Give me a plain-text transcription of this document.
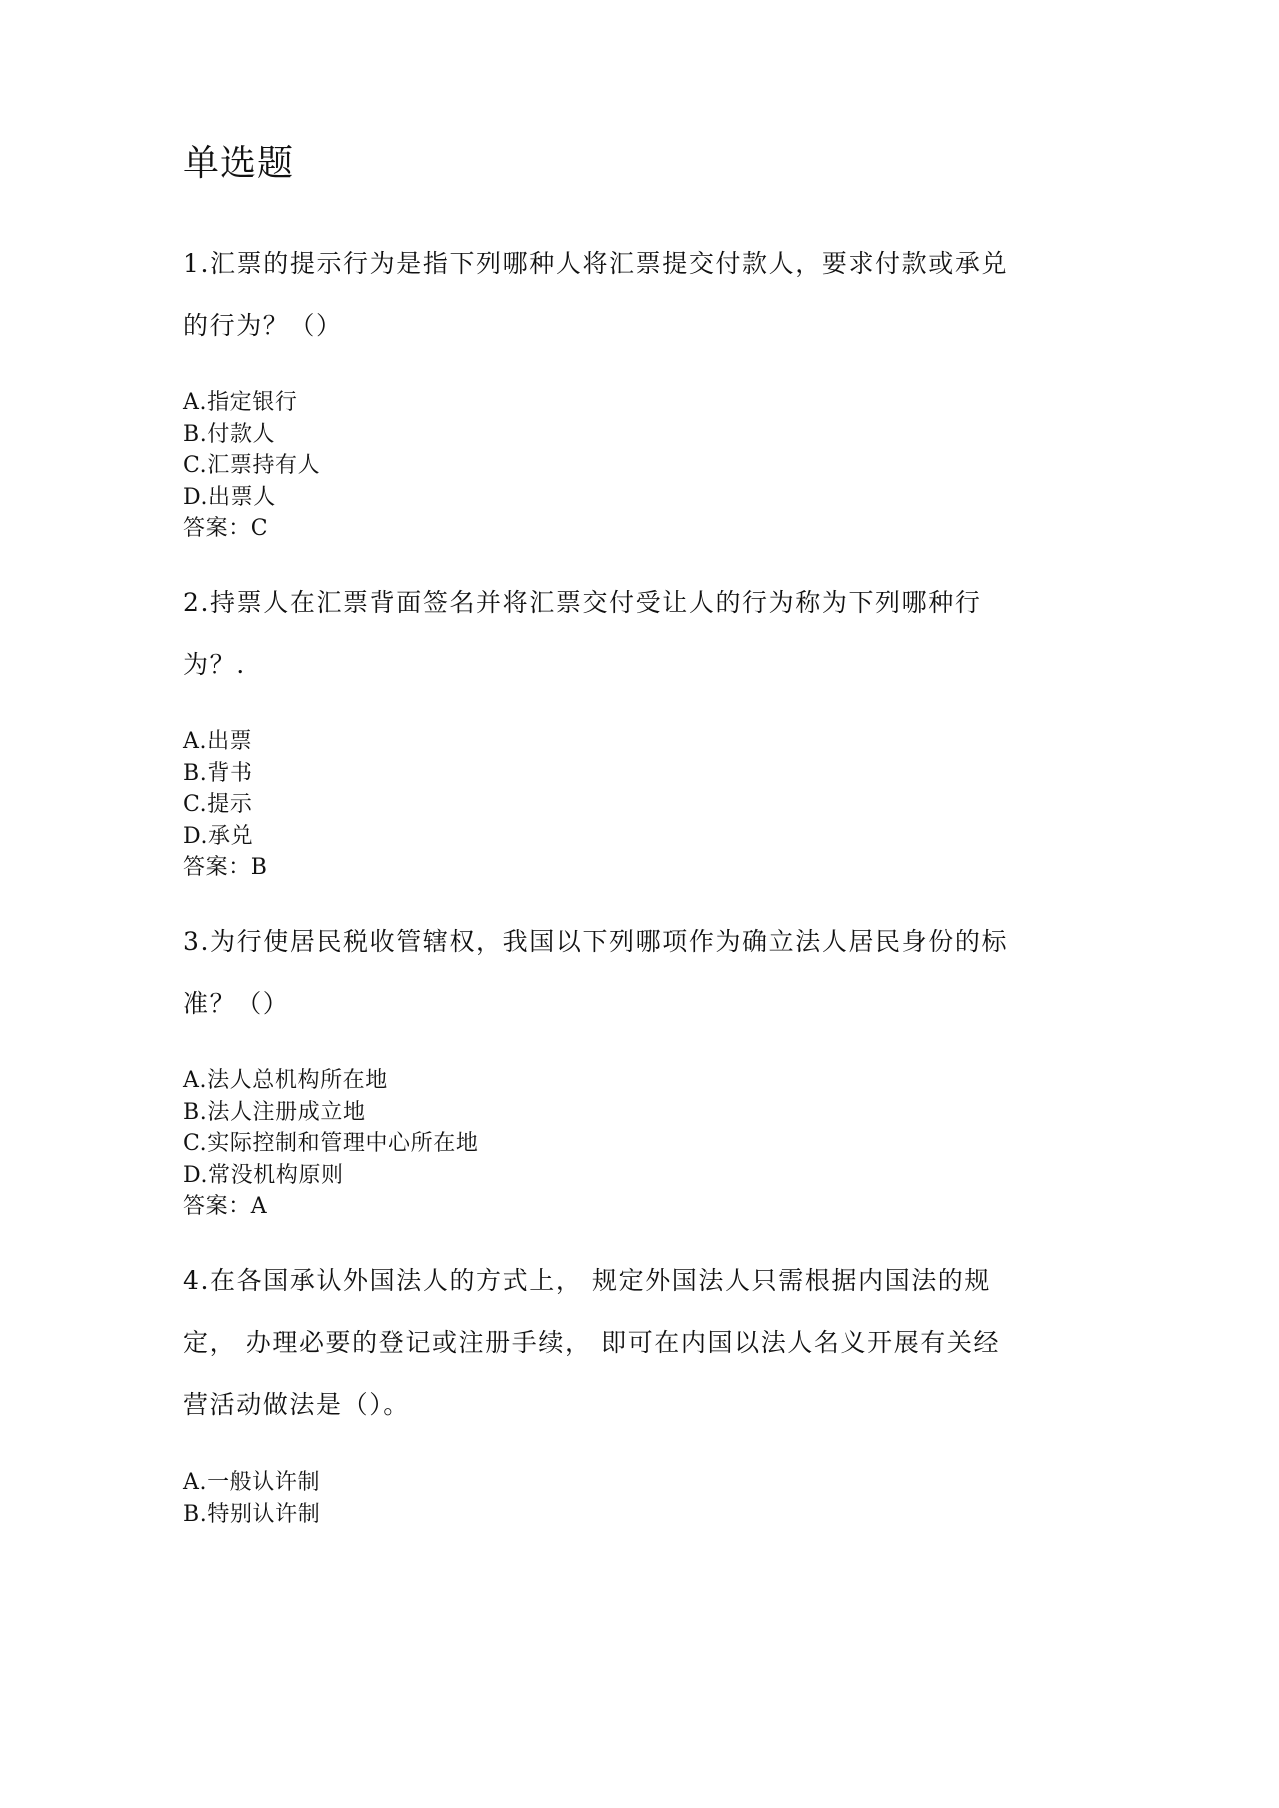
单选题
1.汇票的提示行为是指下列哪种人将汇票提交付款人，要求付款或承兑
的行为？（）
A.指定银行
B.付款人
C.汇票持有人
D.出票人
答案：C
2.持票人在汇票背面签名并将汇票交付受让人的行为称为下列哪种行
为？.
A.出票
B.背书
C.提示
D.承兑
答案：B
3.为行使居民税收管辖权，我国以下列哪项作为确立法人居民身份的标
准？（）
A.法人总机构所在地
B.法人注册成立地
C.实际控制和管理中心所在地
D.常没机构原则
答案：A
4.在各国承认外国法人的方式上， 规定外国法人只需根据内国法的规
定， 办理必要的登记或注册手续， 即可在内国以法人名义开展有关经
营活动做法是（）。
A.一般认许制
B.特别认许制
